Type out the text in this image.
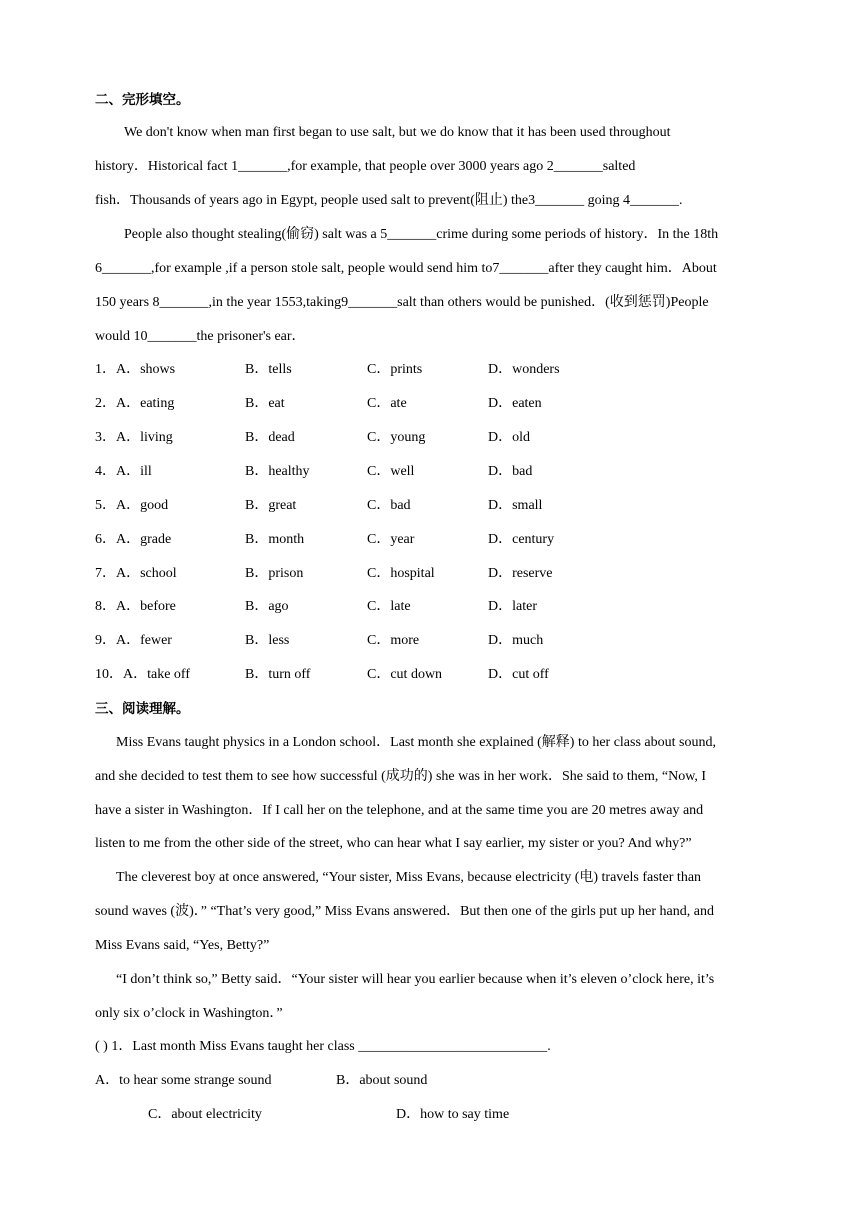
二、完形填空。
We don't know when man first began to use salt, but we do know that it has been used throughout
history．Historical fact 1_______,for example, that people over 3000 years ago 2_______salted
fish．Thousands of years ago in Egypt, people used salt to prevent(阻止) the3_______ going 4_______.
People also thought stealing(偷窃) salt was a 5_______crime during some periods of history．In the 18th
6_______,for example ,if a person stole salt, people would send him to7_______after they caught him．About
150 years 8_______,in the year 1553,taking9_______salt than others would be punished．(收到惩罚)People
would 10_______the prisoner's ear．
1．A．shows	B．tells	C．prints	D．wonders
2．A．eating	B．eat	C．ate	D．eaten
3．A．living	B．dead	C．young	D．old
4．A．ill	B．healthy	C．well	D．bad
5．A．good	B．great	C．bad	D．small
6．A．grade	B．month	C．year	D．century
7．A．school	B．prison	C．hospital	D．reserve
8．A．before	B．ago	C．late	D．later
9．A．fewer	B．less	C．more	D．much
10．A．take off	B．turn off	C．cut down	D．cut off
三、阅读理解。
Miss Evans taught physics in a London school．Last month she explained (解释) to her class about sound,
and she decided to test them to see how successful (成功的) she was in her work．She said to them, “Now, I
have a sister in Washington．If I call her on the telephone, and at the same time you are 20 metres away and
listen to me from the other side of the street, who can hear what I say earlier, my sister or you? And why?”
The cleverest boy at once answered, “Your sister, Miss Evans, because electricity (电) travels faster than
sound waves (波)．” “That’s very good,” Miss Evans answered．But then one of the girls put up her hand, and
Miss Evans said, “Yes, Betty?”
“I don’t think so,” Betty said．“Your sister will hear you earlier because when it’s eleven o’clock here, it’s
only six o’clock in Washington．”
( ) 1．Last month Miss Evans taught her class ___________________________.
A．to hear some strange sound	B．about sound
C．about electricity	D．how to say time
